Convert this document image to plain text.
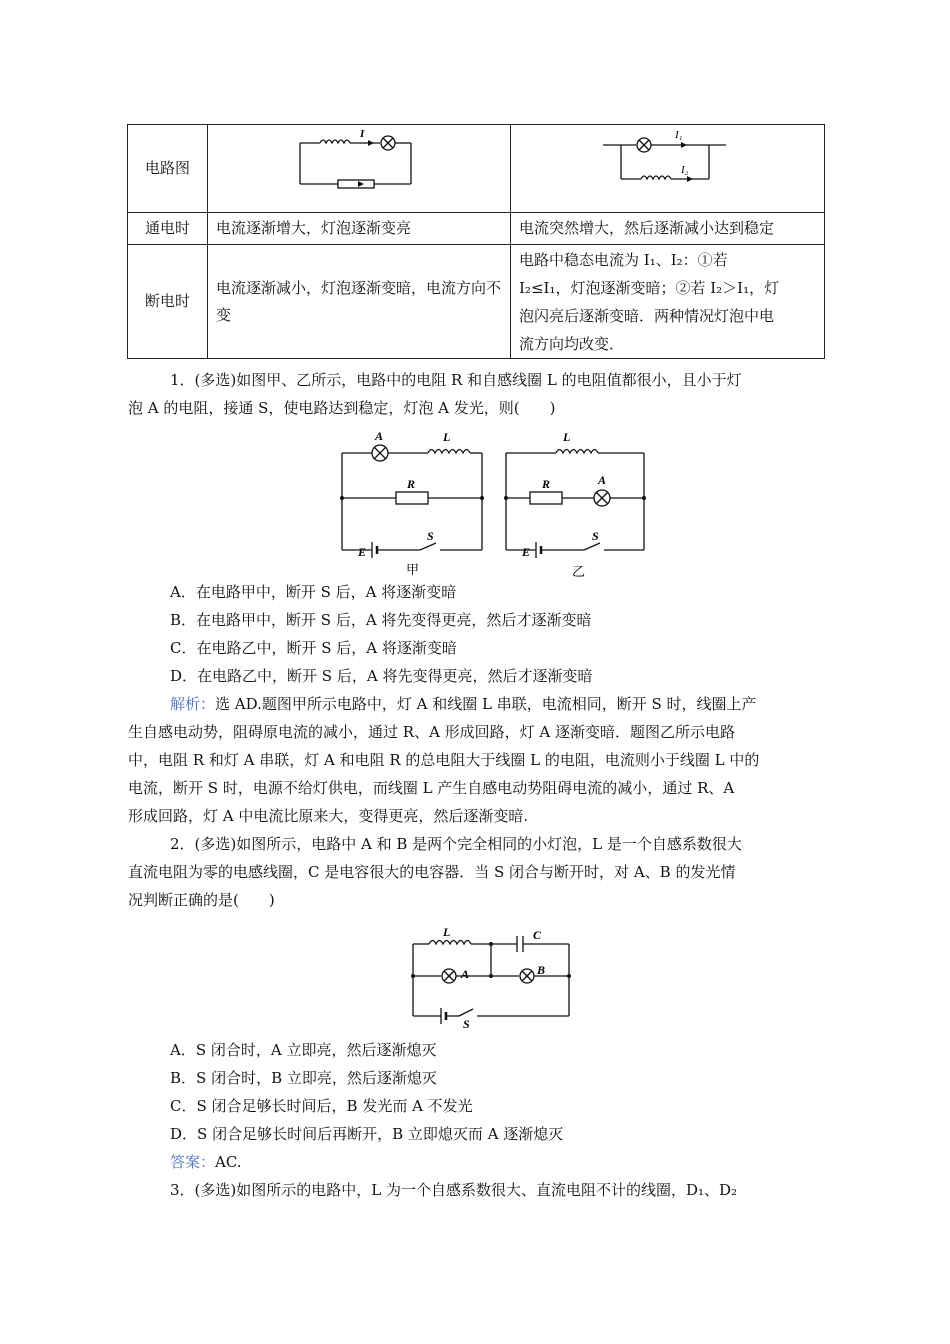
电路图	I	I₁
I₂

通电时	电流逐渐增大，灯泡逐渐变亮	电流突然增大，然后逐渐减小达到稳定
断电时	电流逐渐减小，灯泡逐渐变暗，电流方向不变	电路中稳态电流为 I₁、I₂：①若
I₂≤I₁，灯泡逐渐变暗；②若 I₂＞I₁，灯
泡闪亮后逐渐变暗．两种情况灯泡中电
流方向均改变．
1．(多选)如图甲、乙所示，电路中的电阻 R 和自感线圈 L 的电阻值都很小，且小于灯
泡 A 的电阻，接通 S，使电路达到稳定，灯泡 A 发光，则(　　)
A	L
R
E
S
L
R	A
E
S
甲	乙
A．在电路甲中，断开 S 后，A 将逐渐变暗
B．在电路甲中，断开 S 后，A 将先变得更亮，然后才逐渐变暗
C．在电路乙中，断开 S 后，A 将逐渐变暗
D．在电路乙中，断开 S 后，A 将先变得更亮，然后才逐渐变暗
解析：选 AD.题图甲所示电路中，灯 A 和线圈 L 串联，电流相同，断开 S 时，线圈上产
生自感电动势，阻碍原电流的减小，通过 R、A 形成回路，灯 A 逐渐变暗．题图乙所示电路
中，电阻 R 和灯 A 串联，灯 A 和电阻 R 的总电阻大于线圈 L 的电阻，电流则小于线圈 L 中的
电流，断开 S 时，电源不给灯供电，而线圈 L 产生自感电动势阻碍电流的减小，通过 R、A
形成回路，灯 A 中电流比原来大，变得更亮，然后逐渐变暗.
2．(多选)如图所示，电路中 A 和 B 是两个完全相同的小灯泡，L 是一个自感系数很大
直流电阻为零的电感线圈，C 是电容很大的电容器．当 S 闭合与断开时，对 A、B 的发光情
况判断正确的是(　　)
L	C
A	B
S
A．S 闭合时，A 立即亮，然后逐渐熄灭
B．S 闭合时，B 立即亮，然后逐渐熄灭
C．S 闭合足够长时间后，B 发光而 A 不发光
D．S 闭合足够长时间后再断开，B 立即熄灭而 A 逐渐熄灭
答案：AC.
3．(多选)如图所示的电路中，L 为一个自感系数很大、直流电阻不计的线圈，D₁、D₂
